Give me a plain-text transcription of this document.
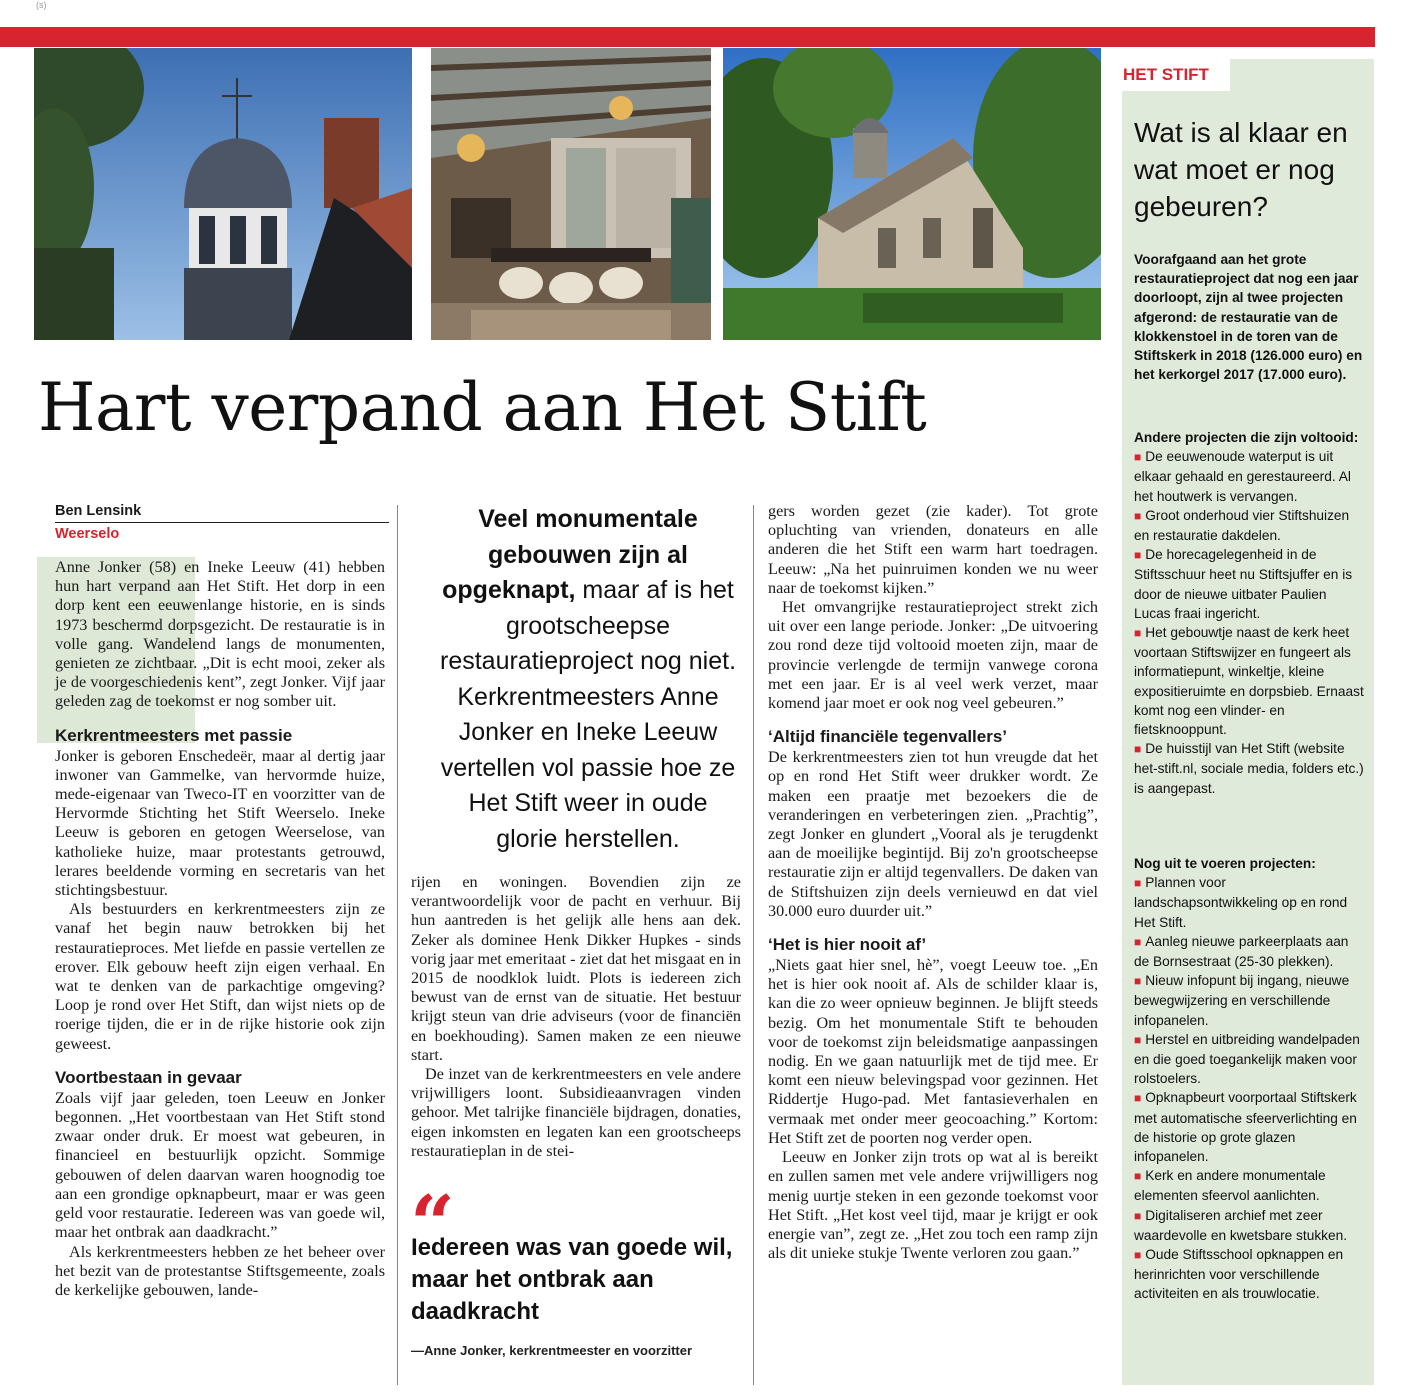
(s)
Hart verpand aan Het Stift
Ben Lensink
Weerselo

Anne Jonker (58) en Ineke Leeuw (41) hebben hun hart verpand aan Het Stift. Het dorp in een dorp kent een eeuwenlange historie, en is sinds 1973 beschermd dorpsgezicht. De restauratie is in volle gang. Wandelend langs de monumenten, genieten ze zichtbaar. „Dit is echt mooi, zeker als je de voorgeschiedenis kent”, zegt Jonker. Vijf jaar geleden zag de toekomst er nog somber uit.

Kerkrentmeesters met passie

Jonker is geboren Enschedeër, maar al dertig jaar inwoner van Gammelke, van hervormde huize, mede-eigenaar van Tweco-IT en voorzitter van de Hervormde Stichting het Stift Weerselo. Ineke Leeuw is geboren en getogen Weerselose, van katholieke huize, maar protestants getrouwd, lerares beeldende vorming en secretaris van het stichtingsbestuur.

Als bestuurders en kerkrentmeesters zijn ze vanaf het begin nauw betrokken bij het restauratieproces. Met liefde en passie vertellen ze erover. Elk gebouw heeft zijn eigen verhaal. En wat te denken van de parkachtige omgeving? Loop je rond over Het Stift, dan wijst niets op de roerige tijden, die er in de rijke historie ook zijn geweest.

Voortbestaan in gevaar

Zoals vijf jaar geleden, toen Leeuw en Jonker begonnen. „Het voortbestaan van Het Stift stond zwaar onder druk. Er moest wat gebeuren, in financieel en bestuurlijk opzicht. Sommige gebouwen of delen daarvan waren hoognodig toe aan een grondige opknapbeurt, maar er was geen geld voor restauratie. Iedereen was van goede wil, maar het ontbrak aan daadkracht.”

Als kerkrentmeesters hebben ze het beheer over het bezit van de protestantse Stiftsgemeente, zoals de kerkelijke gebouwen, lande-

Veel monumentale gebouwen zijn al opgeknapt, maar af is het grootscheepse restauratieproject nog niet. Kerkrentmeesters Anne Jonker en Ineke Leeuw vertellen vol passie hoe ze Het Stift weer in oude glorie herstellen.

rijen en woningen. Bovendien zijn ze verantwoordelijk voor de pacht en verhuur. Bij hun aantreden is het gelijk alle hens aan dek. Zeker als dominee Henk Dikker Hupkes - sinds vorig jaar met emeritaat - ziet dat het misgaat en in 2015 de noodklok luidt. Plots is iedereen zich bewust van de ernst van de situatie. Het bestuur krijgt steun van drie adviseurs (voor de financiën en boekhouding). Samen maken ze een nieuwe start.

De inzet van de kerkrentmeesters en vele andere vrijwilligers loont. Subsidieaanvragen vinden gehoor. Met talrijke financiële bijdragen, donaties, eigen inkomsten en legaten kan een grootscheeps restauratieplan in de stei-

“
Iedereen was van goede wil, maar het ontbrak aan daadkracht
—Anne Jonker, kerkrentmeester en voorzitter

gers worden gezet (zie kader). Tot grote opluchting van vrienden, donateurs en alle anderen die het Stift een warm hart toedragen. Leeuw: „Na het puinruimen konden we nu weer naar de toekomst kijken.”

Het omvangrijke restauratieproject strekt zich uit over een lange periode. Jonker: „De uitvoering zou rond deze tijd voltooid moeten zijn, maar de provincie verlengde de termijn vanwege corona met een jaar. Er is al veel werk verzet, maar komend jaar moet er ook nog veel gebeuren.”

‘Altijd financiële tegenvallers’

De kerkrentmeesters zien tot hun vreugde dat het op en rond Het Stift weer drukker wordt. Ze maken een praatje met bezoekers die de veranderingen en verbeteringen zien. „Prachtig”, zegt Jonker en glundert „Vooral als je terugdenkt aan de moeilijke begintijd. Bij zo'n grootscheepse restauratie zijn er altijd tegenvallers. De daken van de Stiftshuizen zijn deels vernieuwd en dat viel 30.000 euro duurder uit.”

‘Het is hier nooit af’

„Niets gaat hier snel, hè”, voegt Leeuw toe. „En het is hier ook nooit af. Als de schilder klaar is, kan die zo weer opnieuw beginnen. Je blijft steeds bezig. Om het monumentale Stift te behouden voor de toekomst zijn beleidsmatige aanpassingen nodig. En we gaan natuurlijk met de tijd mee. Er komt een nieuw belevingspad voor gezinnen. Het Riddertje Hugo-pad. Met fantasieverhalen en vermaak met onder meer geocoaching.” Kortom: Het Stift zet de poorten nog verder open.

Leeuw en Jonker zijn trots op wat al is bereikt en zullen samen met vele andere vrijwilligers nog menig uurtje steken in een gezonde toekomst voor Het Stift. „Het kost veel tijd, maar je krijgt er ook energie van”, zegt ze. „Het zou toch een ramp zijn als dit unieke stukje Twente verloren zou gaan.”

HET STIFT
Wat is al klaar en wat moet er nog gebeuren?
Voorafgaand aan het grote restauratieproject dat nog een jaar doorloopt, zijn al twee projecten afgerond: de restauratie van de klokkenstoel in de toren van de Stiftskerk in 2018 (126.000 euro) en het kerkorgel 2017 (17.000 euro).
Andere projecten die zijn voltooid:
■ De eeuwenoude waterput is uit elkaar gehaald en gerestaureerd. Al het houtwerk is vervangen.
■ Groot onderhoud vier Stiftshuizen en restauratie dakdelen.
■ De horecagelegenheid in de Stiftsschuur heet nu Stiftsjuffer en is door de nieuwe uitbater Paulien Lucas fraai ingericht.
■ Het gebouwtje naast de kerk heet voortaan Stiftswijzer en fungeert als informatiepunt, winkeltje, kleine expositieruimte en dorpsbieb. Ernaast komt nog een vlinder- en fietsknooppunt.
■ De huisstijl van Het Stift (website het-stift.nl, sociale media, folders etc.) is aangepast.
Nog uit te voeren projecten:
■ Plannen voor landschapsontwikkeling op en rond Het Stift.
■ Aanleg nieuwe parkeerplaats aan de Bornsestraat (25-30 plekken).
■ Nieuw infopunt bij ingang, nieuwe bewegwijzering en verschillende infopanelen.
■ Herstel en uitbreiding wandelpaden en die goed toegankelijk maken voor rolstoelers.
■ Opknapbeurt voorportaal Stiftskerk met automatische sfeerverlichting en de historie op grote glazen infopanelen.
■ Kerk en andere monumentale elementen sfeervol aanlichten.
■ Digitaliseren archief met zeer waardevolle en kwetsbare stukken.
■ Oude Stiftsschool opknappen en herinrichten voor verschillende activiteiten en als trouwlocatie.
